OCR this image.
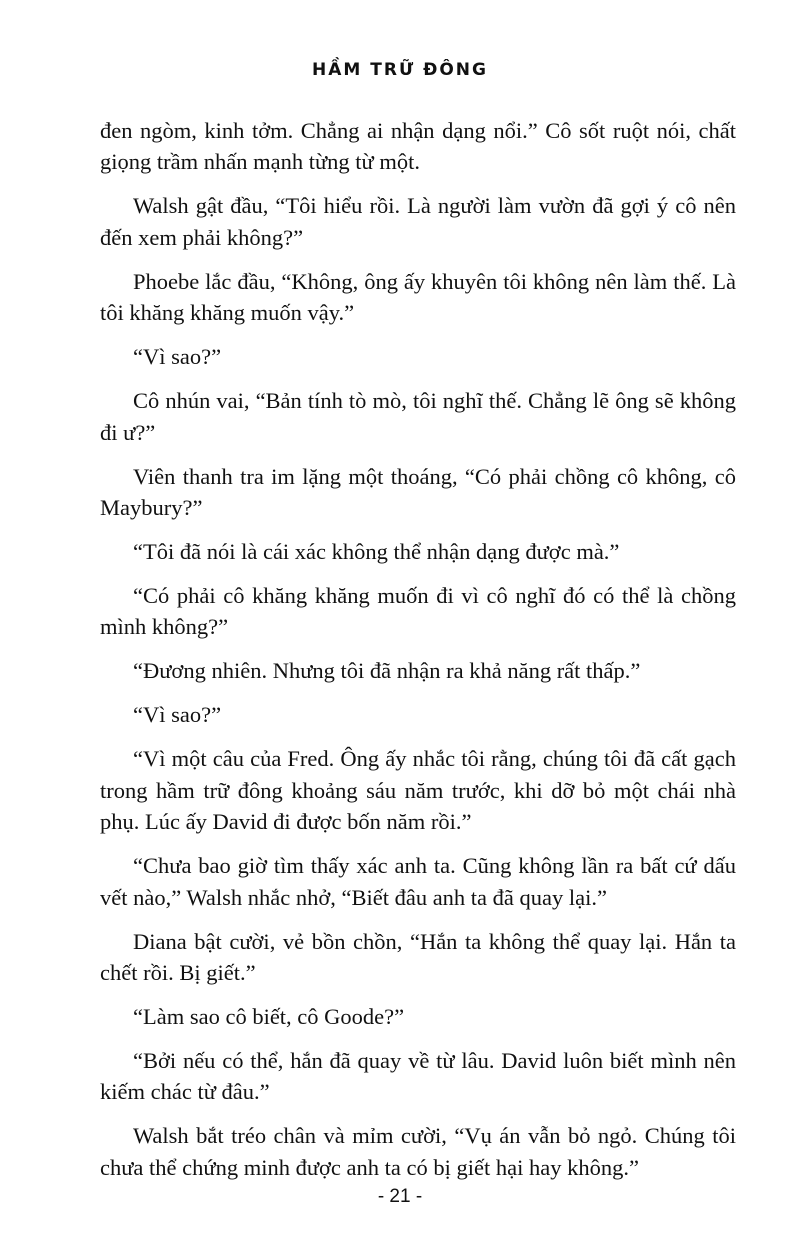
HẦM TRỮ ĐÔNG

đen ngòm, kinh tởm. Chẳng ai nhận dạng nổi.” Cô sốt ruột nói, chất giọng trầm nhấn mạnh từng từ một.

Walsh gật đầu, “Tôi hiểu rồi. Là người làm vườn đã gợi ý cô nên đến xem phải không?”

Phoebe lắc đầu, “Không, ông ấy khuyên tôi không nên làm thế. Là tôi khăng khăng muốn vậy.”

“Vì sao?”

Cô nhún vai, “Bản tính tò mò, tôi nghĩ thế. Chẳng lẽ ông sẽ không đi ư?”

Viên thanh tra im lặng một thoáng, “Có phải chồng cô không, cô Maybury?”

“Tôi đã nói là cái xác không thể nhận dạng được mà.”

“Có phải cô khăng khăng muốn đi vì cô nghĩ đó có thể là chồng mình không?”

“Đương nhiên. Nhưng tôi đã nhận ra khả năng rất thấp.”

“Vì sao?”

“Vì một câu của Fred. Ông ấy nhắc tôi rằng, chúng tôi đã cất gạch trong hầm trữ đông khoảng sáu năm trước, khi dỡ bỏ một chái nhà phụ. Lúc ấy David đi được bốn năm rồi.”

“Chưa bao giờ tìm thấy xác anh ta. Cũng không lần ra bất cứ dấu vết nào,” Walsh nhắc nhở, “Biết đâu anh ta đã quay lại.”

Diana bật cười, vẻ bồn chồn, “Hắn ta không thể quay lại. Hắn ta chết rồi. Bị giết.”

“Làm sao cô biết, cô Goode?”

“Bởi nếu có thể, hắn đã quay về từ lâu. David luôn biết mình nên kiếm chác từ đâu.”

Walsh bắt tréo chân và mỉm cười, “Vụ án vẫn bỏ ngỏ. Chúng tôi chưa thể chứng minh được anh ta có bị giết hại hay không.”

- 21 -
